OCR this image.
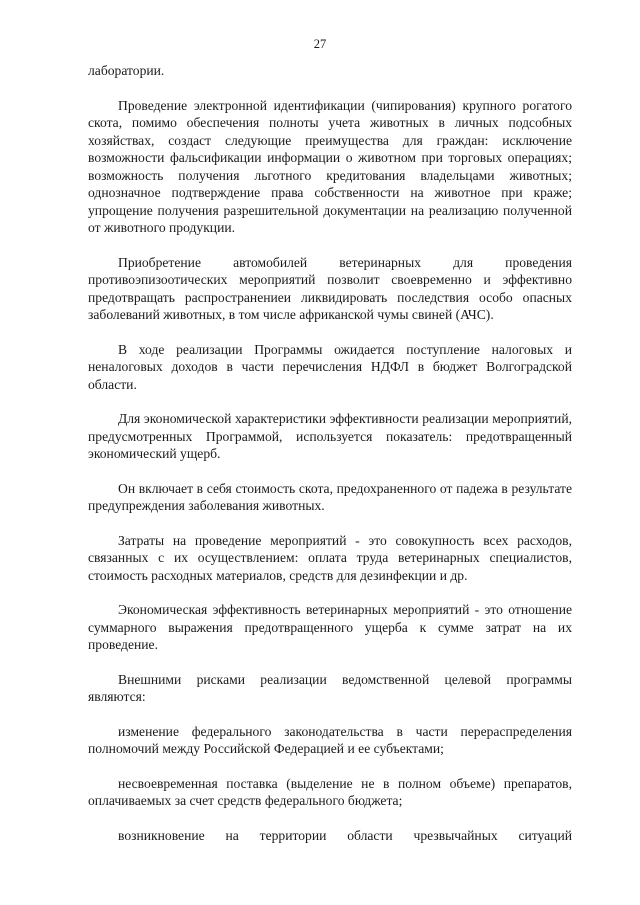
27

лаборатории.

Проведение электронной идентификации (чипирования) крупного рогатого скота, помимо обеспечения полноты учета животных в личных подсобных хозяйствах, создаст следующие преимущества для граждан: исключение возможности фальсификации информации о животном при торговых операциях; возможность получения льготного кредитования владельцами животных; однозначное подтверждение права собственности на животное при краже; упрощение получения разрешительной документации на реализацию полученной от животного продукции.

Приобретение автомобилей ветеринарных для проведения противоэпизоотических мероприятий позволит своевременно и эффективно предотвращать распространениеи ликвидировать последствия особо опасных заболеваний животных, в том числе африканской чумы свиней (АЧС).

В ходе реализации Программы ожидается поступление налоговых и неналоговых доходов в части перечисления НДФЛ в бюджет Волгоградской области.

Для экономической характеристики эффективности реализации мероприятий, предусмотренных Программой, используется показатель: предотвращенный экономический ущерб.

Он включает в себя стоимость скота, предохраненного от падежа в результате предупреждения заболевания животных.

Затраты на проведение мероприятий - это совокупность всех расходов, связанных с их осуществлением: оплата труда ветеринарных специалистов, стоимость расходных материалов, средств для дезинфекции и др.

Экономическая эффективность ветеринарных мероприятий - это отношение суммарного выражения предотвращенного ущерба к сумме затрат на их проведение.

Внешними рисками реализации ведомственной целевой программы являются:

изменение федерального законодательства в части перераспределения полномочий между Российской Федерацией и ее субъектами;

несвоевременная поставка (выделение не в полном объеме) препаратов, оплачиваемых за счет средств федерального бюджета;

возникновение на территории области чрезвычайных ситуаций
